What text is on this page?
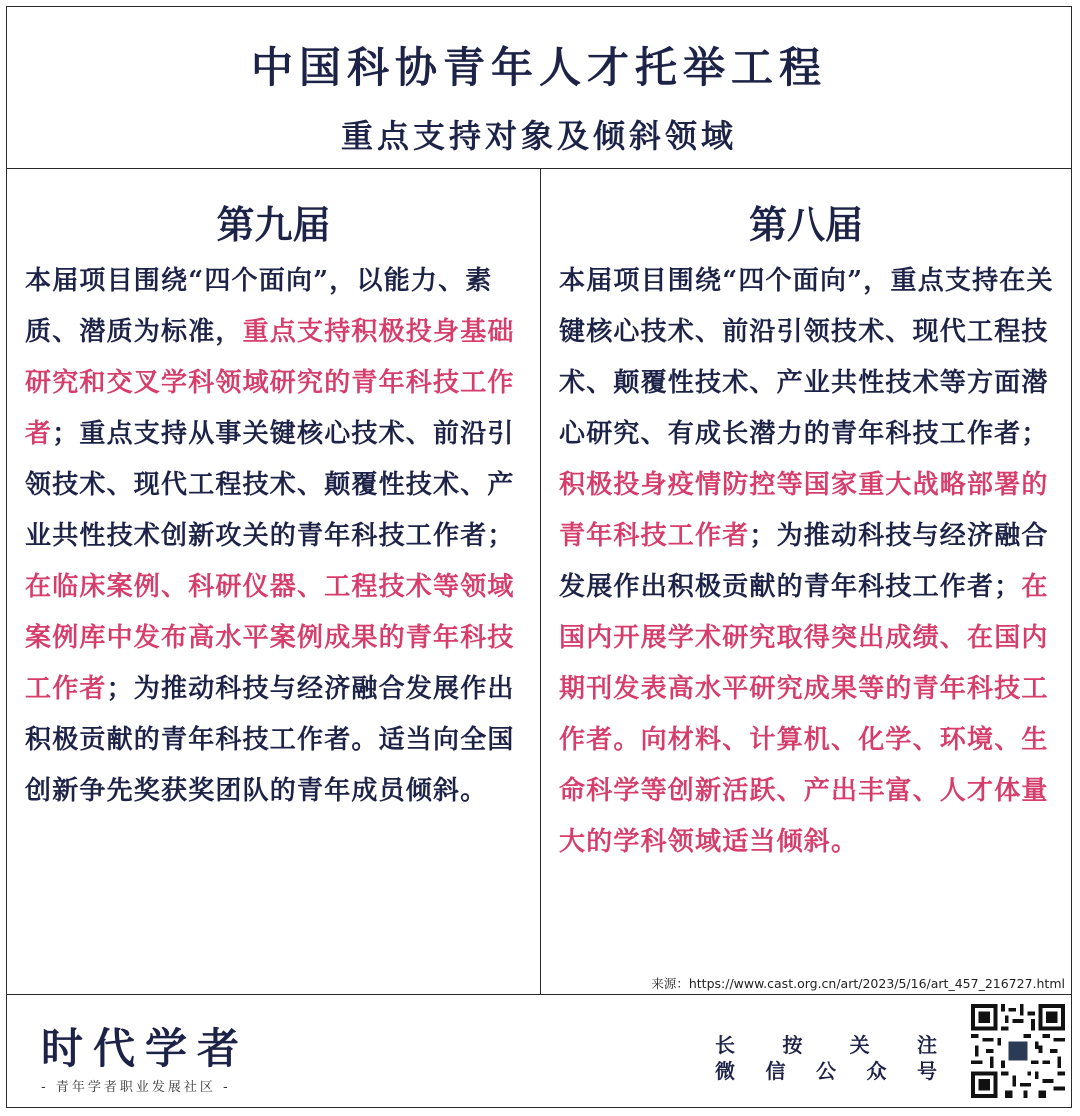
中国科协青年人才托举工程
重点支持对象及倾斜领域
第九届
本届项目围绕“四个面向”，以能力、素质、潜质为标准，重点支持积极投身基础研究和交叉学科领域研究的青年科技工作者；重点支持从事关键核心技术、前沿引领技术、现代工程技术、颠覆性技术、产业共性技术创新攻关的青年科技工作者；在临床案例、科研仪器、工程技术等领域案例库中发布高水平案例成果的青年科技工作者；为推动科技与经济融合发展作出积极贡献的青年科技工作者。适当向全国创新争先奖获奖团队的青年成员倾斜。
第八届
本届项目围绕“四个面向”，重点支持在关键核心技术、前沿引领技术、现代工程技术、颠覆性技术、产业共性技术等方面潜心研究、有成长潜力的青年科技工作者；积极投身疫情防控等国家重大战略部署的青年科技工作者；为推动科技与经济融合发展作出积极贡献的青年科技工作者；在国内开展学术研究取得突出成绩、在国内期刊发表高水平研究成果等的青年科技工作者。向材料、计算机、化学、环境、生命科学等创新活跃、产出丰富、人才体量大的学科领域适当倾斜。
来源：https://www.cast.org.cn/art/2023/5/16/art_457_216727.html
时代学者
- 青年学者职业发展社区 -
长 按 关 注
微 信 公 众 号
